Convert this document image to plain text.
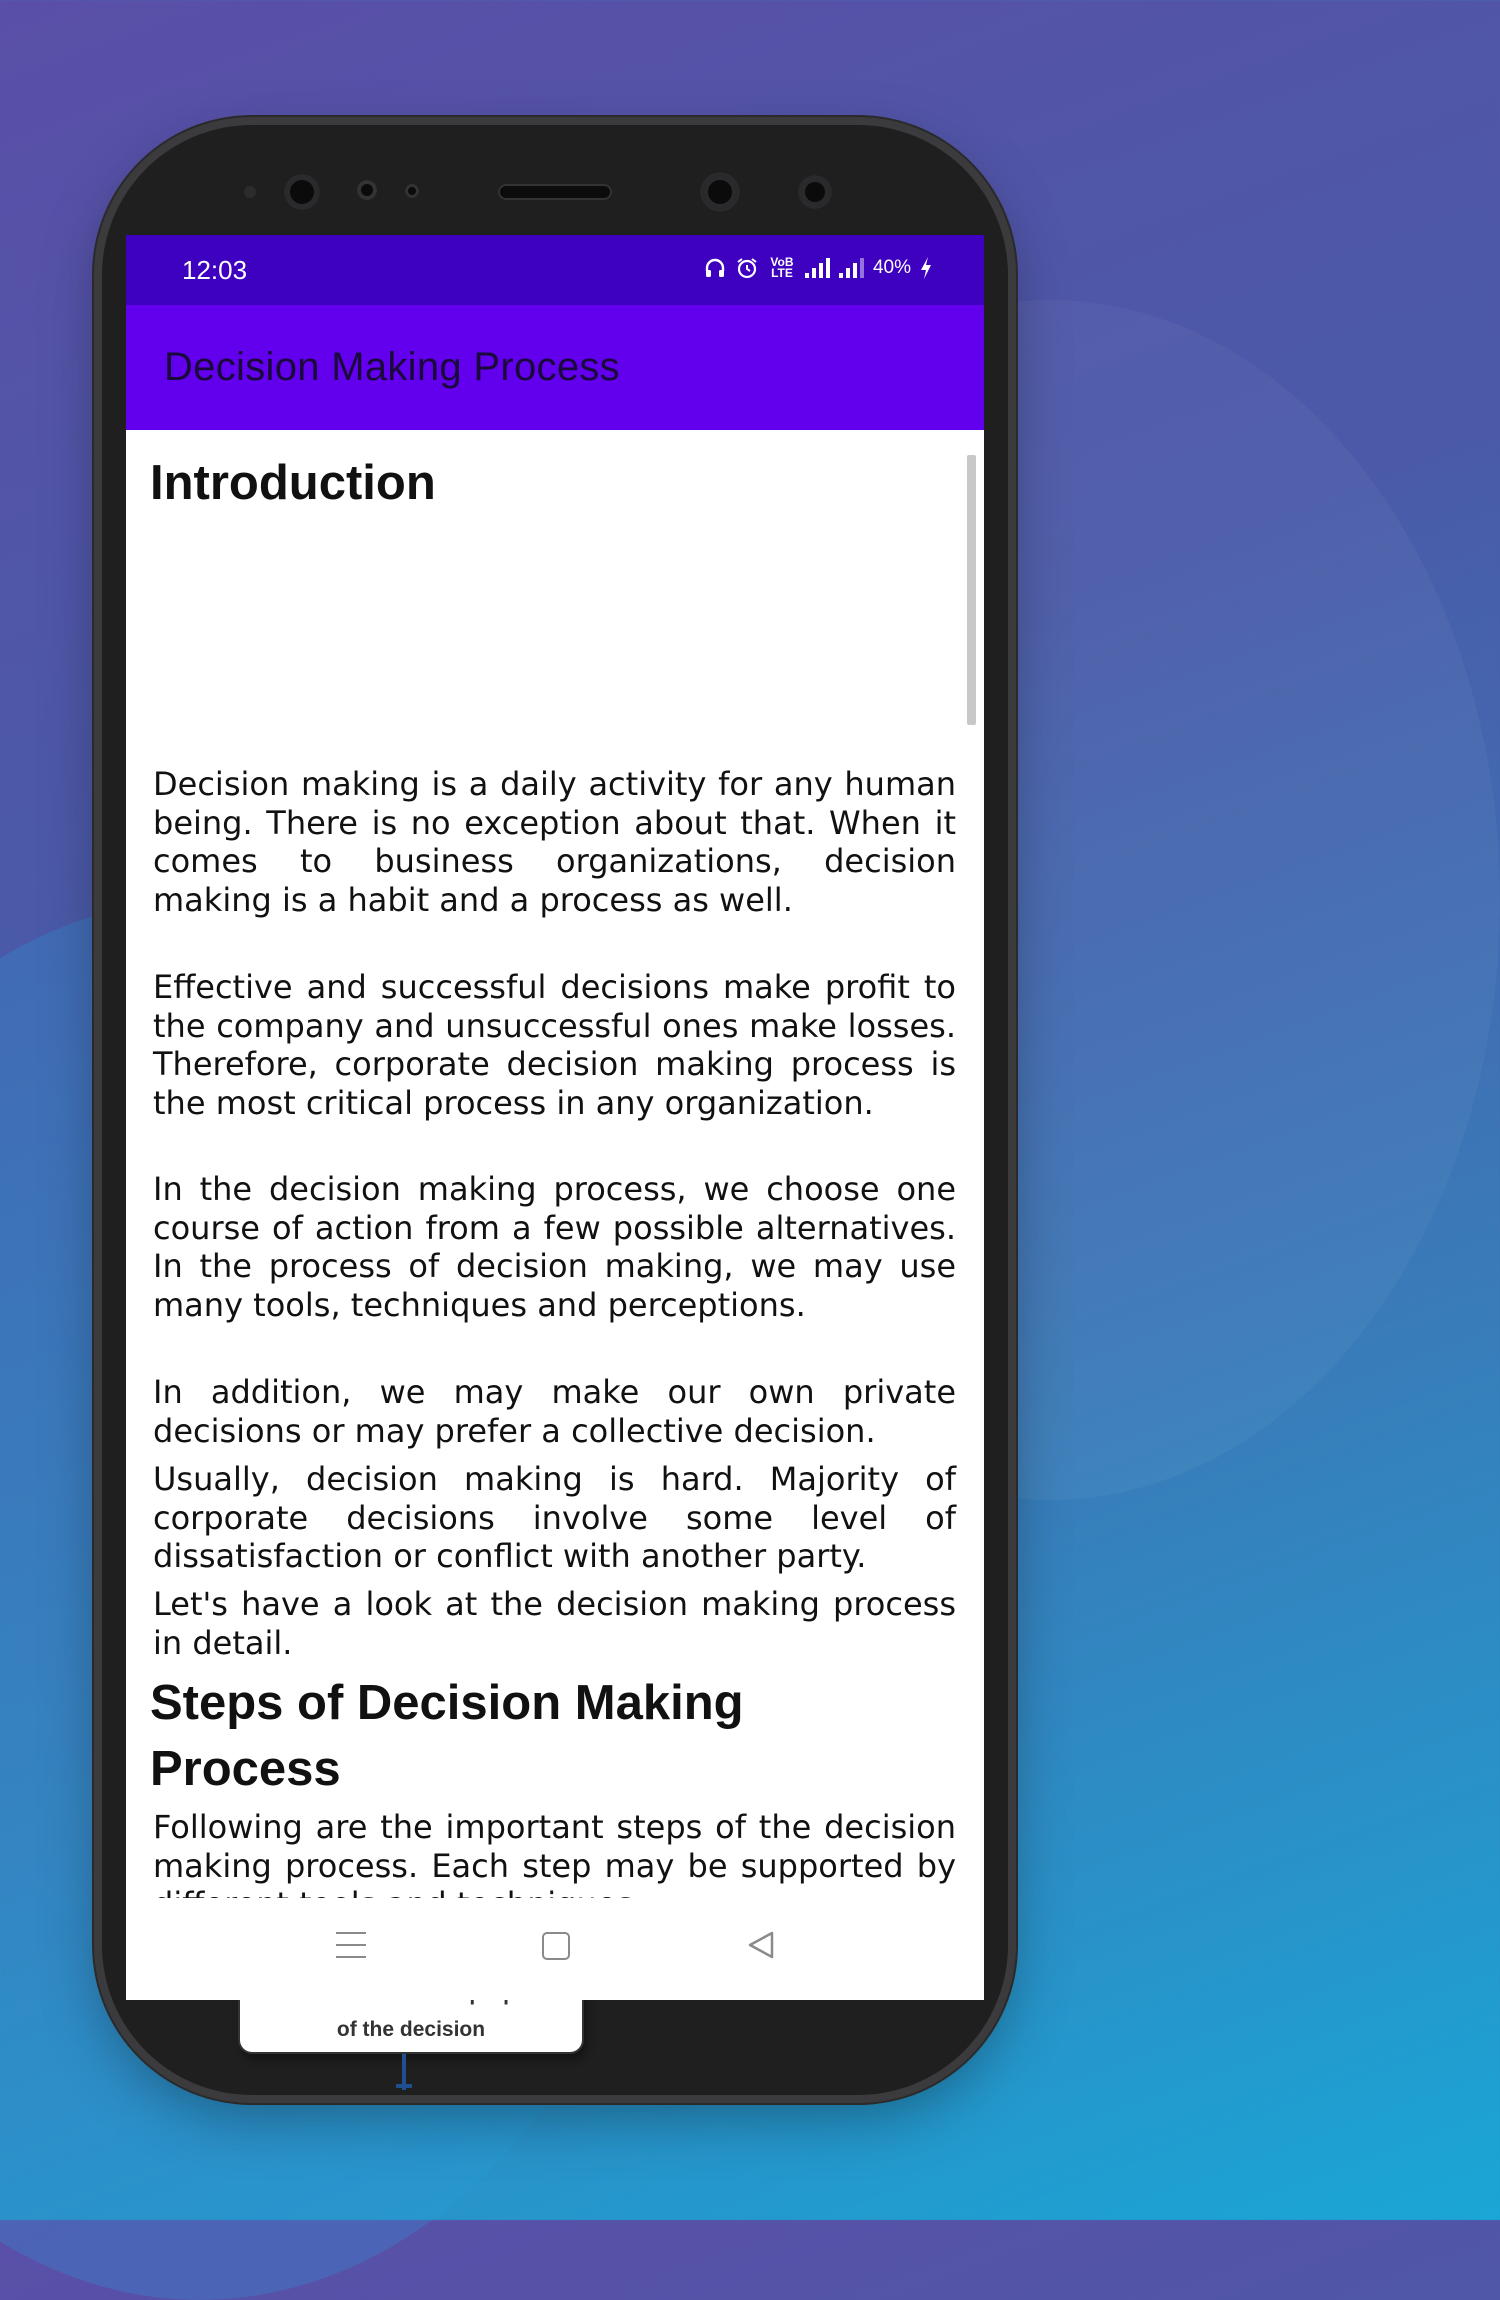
12:03	VoB LTE	40%
Decision Making Process
Introduction

Decision making is a daily activity for any human being. There is no exception about that. When it comes to business organizations, decision making is a habit and a process as well.

Effective and successful decisions make profit to the company and unsuccessful ones make losses. Therefore, corporate decision making process is the most critical process in any organization.

In the decision making process, we choose one course of action from a few possible alternatives. In the process of decision making, we may use many tools, techniques and perceptions.

In addition, we may make our own private decisions or may prefer a collective decision.

Usually, decision making is hard. Majority of corporate decisions involve some level of dissatisfaction or conflict with another party.

Let's have a look at the decision making process in detail.

Steps of Decision Making Process

Following are the important steps of the decision making process. Each step may be supported by

of the decision
